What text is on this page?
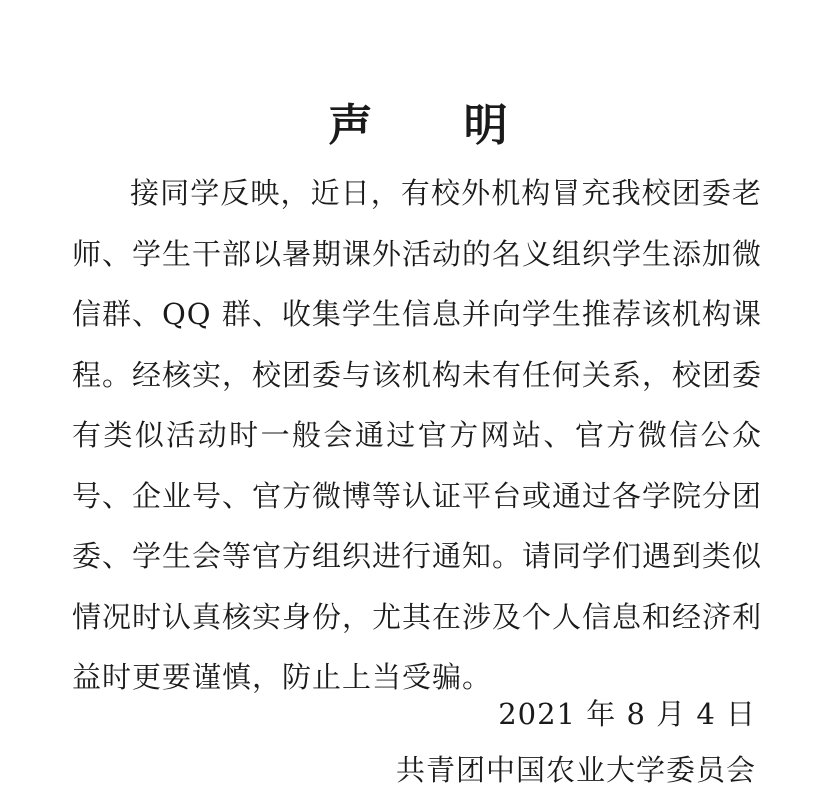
声 明

接同学反映，近日，有校外机构冒充我校团委老师、学生干部以暑期课外活动的名义组织学生添加微信群、QQ 群、收集学生信息并向学生推荐该机构课程。经核实，校团委与该机构未有任何关系，校团委有类似活动时一般会通过官方网站、官方微信公众号、企业号、官方微博等认证平台或通过各学院分团委、学生会等官方组织进行通知。请同学们遇到类似情况时认真核实身份，尤其在涉及个人信息和经济利益时更要谨慎，防止上当受骗。

2021 年 8 月 4 日
共青团中国农业大学委员会
